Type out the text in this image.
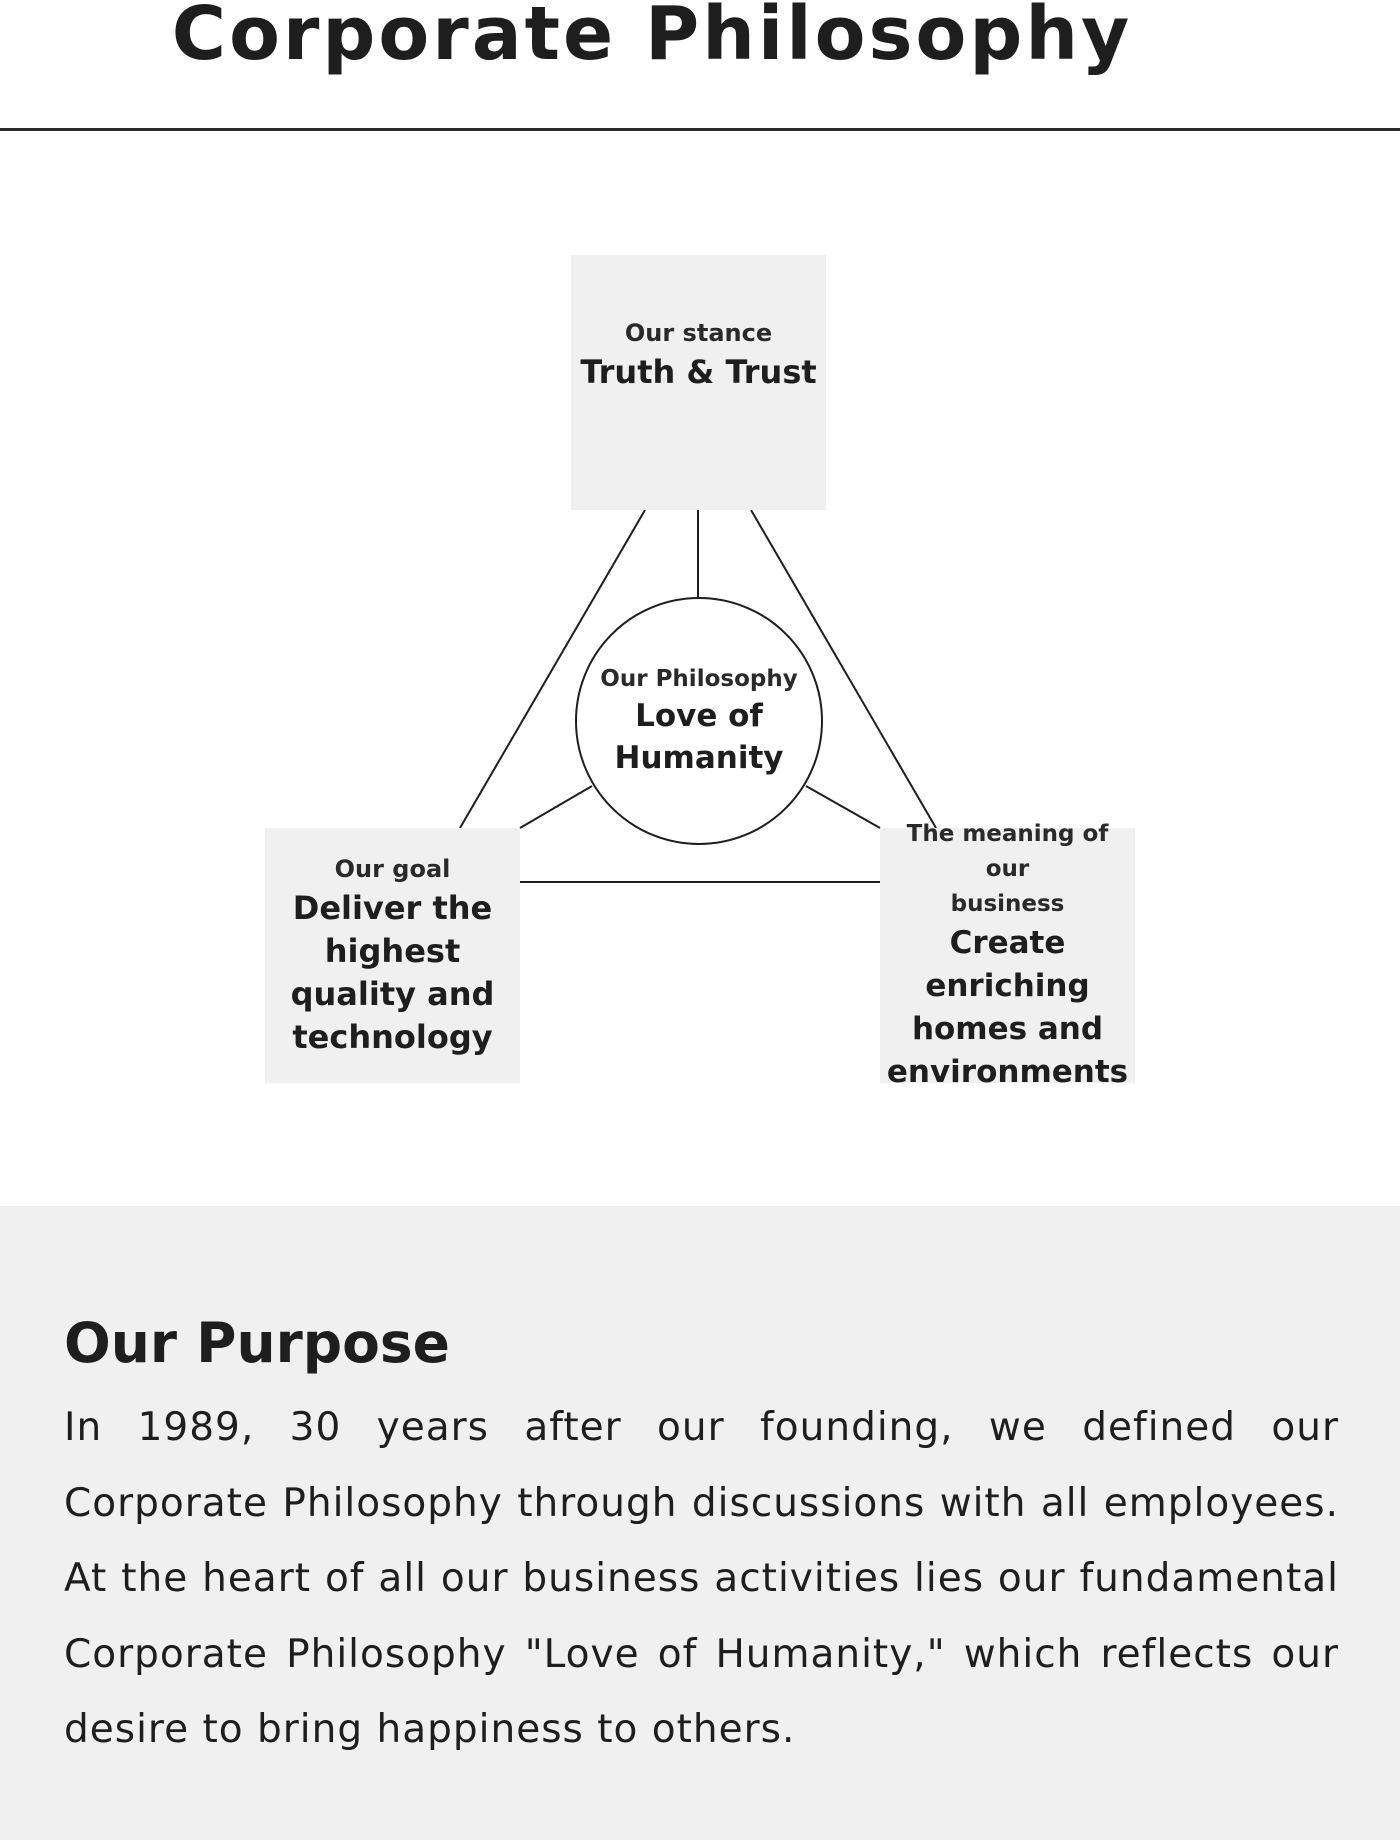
Corporate Philosophy
Our stance
Truth & Trust
Our Philosophy
Love of
Humanity
Our goal
Deliver the
highest
quality and
technology
The meaning of our
business
Create enriching
homes and
environments
Our Purpose

In 1989, 30 years after our founding, we defined our Corporate Philosophy through discussions with all employees. At the heart of all our business activities lies our fundamental Corporate Philosophy "Love of Humanity," which reflects our desire to bring happiness to others.
